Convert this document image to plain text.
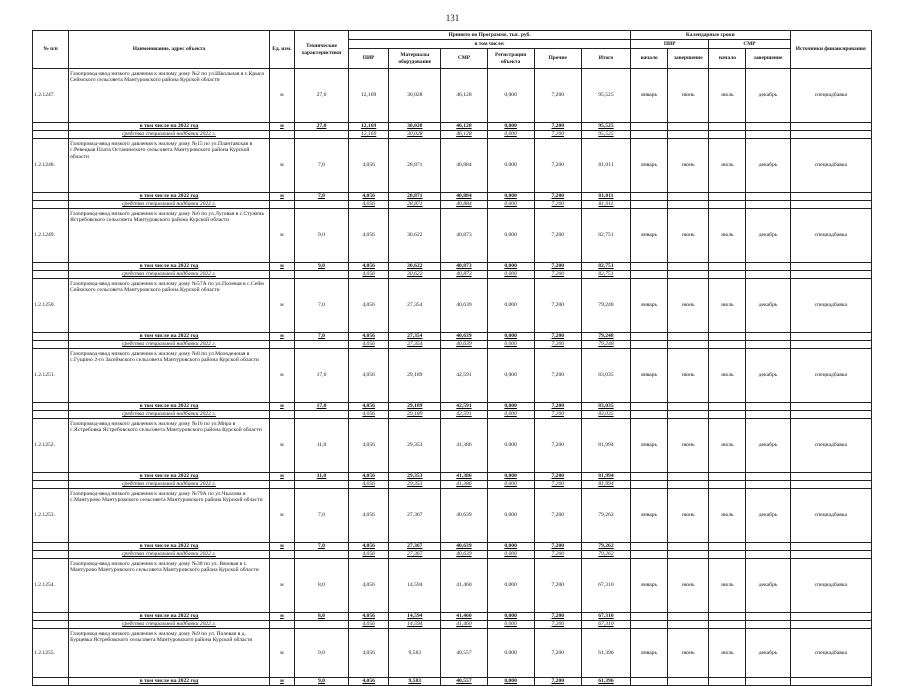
131
№ п/п	Наименование, адрес объекта	Ед. изм.	Технические характеристики	Принято по Программе, тыс. руб.						Календарные сроки				Источники финансирования
				в том числе:						ПИР		СМР		
				ПИР	Материалы оборудование	СМР	Регистрация объекта	Прочие	Итого	начало	завершение	начало	завершение	
1.2.1247.	Газопровод-ввод низкого давления к жилому дому №2 по ул.Школьная в с.Крысо Сеймского сельсовета Мантуровского района Курской области	м	27,0	12,169	30,028	46,128	0,000	7,200	95,525	январь	июнь	июль	декабрь	спецнадбавка
	в том числе на 2022 год	м	27,0	12,169	30,028	46,128	0,000	7,200	95,525					
	средства специальной надбавки 2022 г.			12,169	30,028	46,128	0,000	7,200	95,525					
1.2.1248.	Газопровод-ввод низкого давления к жилому дому №15 по ул.Плантавская в с.Ревецкая Плата Останинского сельсовета Мантуровского района Курской области	м	7,0	4,056	28,871	40,884	0,000	7,200	81,011	январь	июнь	июль	декабрь	спецнадбавка
	в том числе на 2022 год	м	7,0	4,056	28,871	40,884	0,000	7,200	81,011					
	средства специальной надбавки 2022 г.			4,056	28,871	40,884	0,000	7,200	81,011					
1.2.1249.	Газопровод-ввод низкого давления к жилому дому №6 по ул.Луговая в с.Стужень Ястребовского сельсовета Мантуровского района Курской области	м	9,0	4,056	30,622	40,873	0,000	7,200	82,751	январь	июнь	июль	декабрь	спецнадбавка
	в том числе на 2022 год	м	9,0	4,056	30,622	40,873	0,000	7,200	82,751					
	средства специальной надбавки 2022 г.			4,056	30,622	40,873	0,000	7,200	82,751					
1.2.1250.	Газопровод-ввод низкого давления к жилому дому №57А по ул.Полевая в с.Сейм Сеймского сельсовета Мантуровского района Курской области	м	7,0	4,056	27,354	40,639	0,000	7,200	79,248	январь	июнь	июль	декабрь	спецнадбавка
	в том числе на 2022 год	м	7,0	4,056	27,354	40,639	0,000	7,200	79,248					
	средства специальной надбавки 2022 г.			4,056	27,354	40,639	0,000	7,200	79,248					
1.2.1251.	Газопровод-ввод низкого давления к жилому дому №8 по ул.Молодежная в с.Гущино 2-го Засеймского сельсовета Мантуровского района Курской области	м	17,0	4,056	29,189	42,591	0,000	7,200	83,035	январь	июнь	июль	декабрь	спецнадбавка
	в том числе на 2022 год	м	17,0	4,056	29,189	42,591	0,000	7,200	83,035					
	средства специальной надбавки 2022 г.			4,056	29,189	42,591	0,000	7,200	83,035					
1.2.1252.	Газопровод-ввод низкого давления к жилому дому №16 по ул.Мира в с.Ястребовка Ястребовского сельсовета Мантуровского района Курской области	м	11,0	4,056	29,353	41,386	0,000	7,200	81,994	январь	июнь	июль	декабрь	спецнадбавка
	в том числе на 2022 год	м	11,0	4,056	29,353	41,386	0,000	7,200	81,994					
	средства специальной надбавки 2022 г.			4,056	29,353	41,386	0,000	7,200	81,994					
1.2.1253.	Газопровод-ввод низкого давления к жилому дому №79А по ул.Чкалова в с.Мантурово Мантуровского сельсовета Мантуровского района Курской области	м	7,0	4,056	27,367	40,639	0,000	7,200	79,262	январь	июнь	июль	декабрь	спецнадбавка
	в том числе на 2022 год	м	7,0	4,056	27,367	40,639	0,000	7,200	79,262					
	средства специальной надбавки 2022 г.			4,056	27,367	40,639	0,000	7,200	79,262					
1.2.1254.	Газопровод-ввод низкого давления к жилому дому №38 по ул. Вязовая в с. Мантурово Мантуровского сельсовета Мантуровского района Курской области	м	8,0	4,056	14,594	41,460	0,000	7,200	67,310	январь	июнь	июль	декабрь	спецнадбавка
	в том числе на 2022 год	м	8,0	4,056	14,594	41,460	0,000	7,200	67,310					
	средства специальной надбавки 2022 г.			4,056	14,594	41,460	0,000	7,200	67,310					
1.2.1255.	Газопровод-ввод низкого давления к жилому дому №9 по ул. Полевая в д. Бурцевка Ястребовского сельсовета Мантуровского района Курской области	м	9,0	4,056	9,583	40,557	0,000	7,200	61,396	январь	июнь	июль	декабрь	спецнадбавка
	в том числе на 2022 год	м	9,0	4,056	9,583	40,557	0,000	7,200	61,396					
